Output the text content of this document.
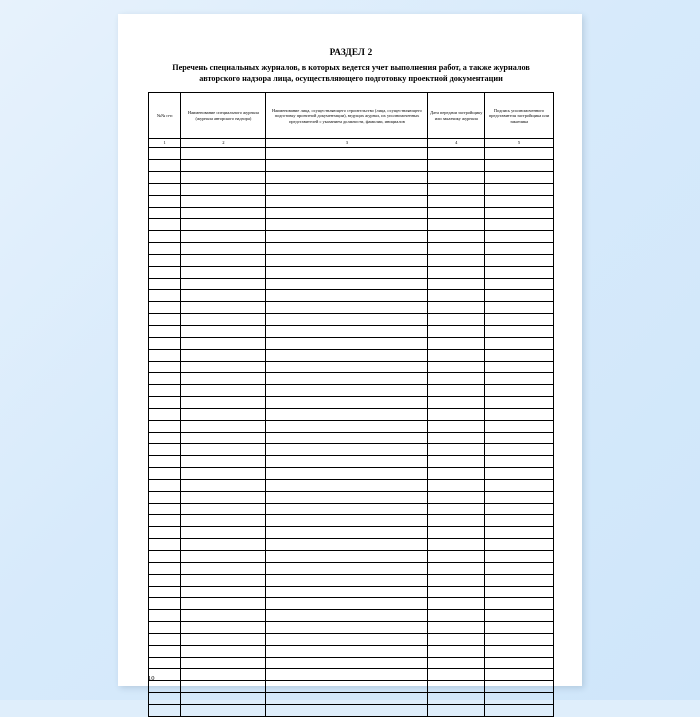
РАЗДЕЛ 2
Перечень специальных журналов, в которых ведется учет выполнения работ, а также журналов авторского надзора лица, осуществляющего подготовку проектной документации
№№ п-п	Наименование специального журнала (журнала авторского надзора)	Наименование лица, осуществляющего строительство (лица, осуществляющего подготовку проектной документации), ведущих журнал, их уполномоченных представителей с указанием должности, фамилии, инициалов	Дата передачи застройщику или заказчику журнала	Подпись уполномоченного представителя застройщика или заказчика
1	2	3	4	5

10
